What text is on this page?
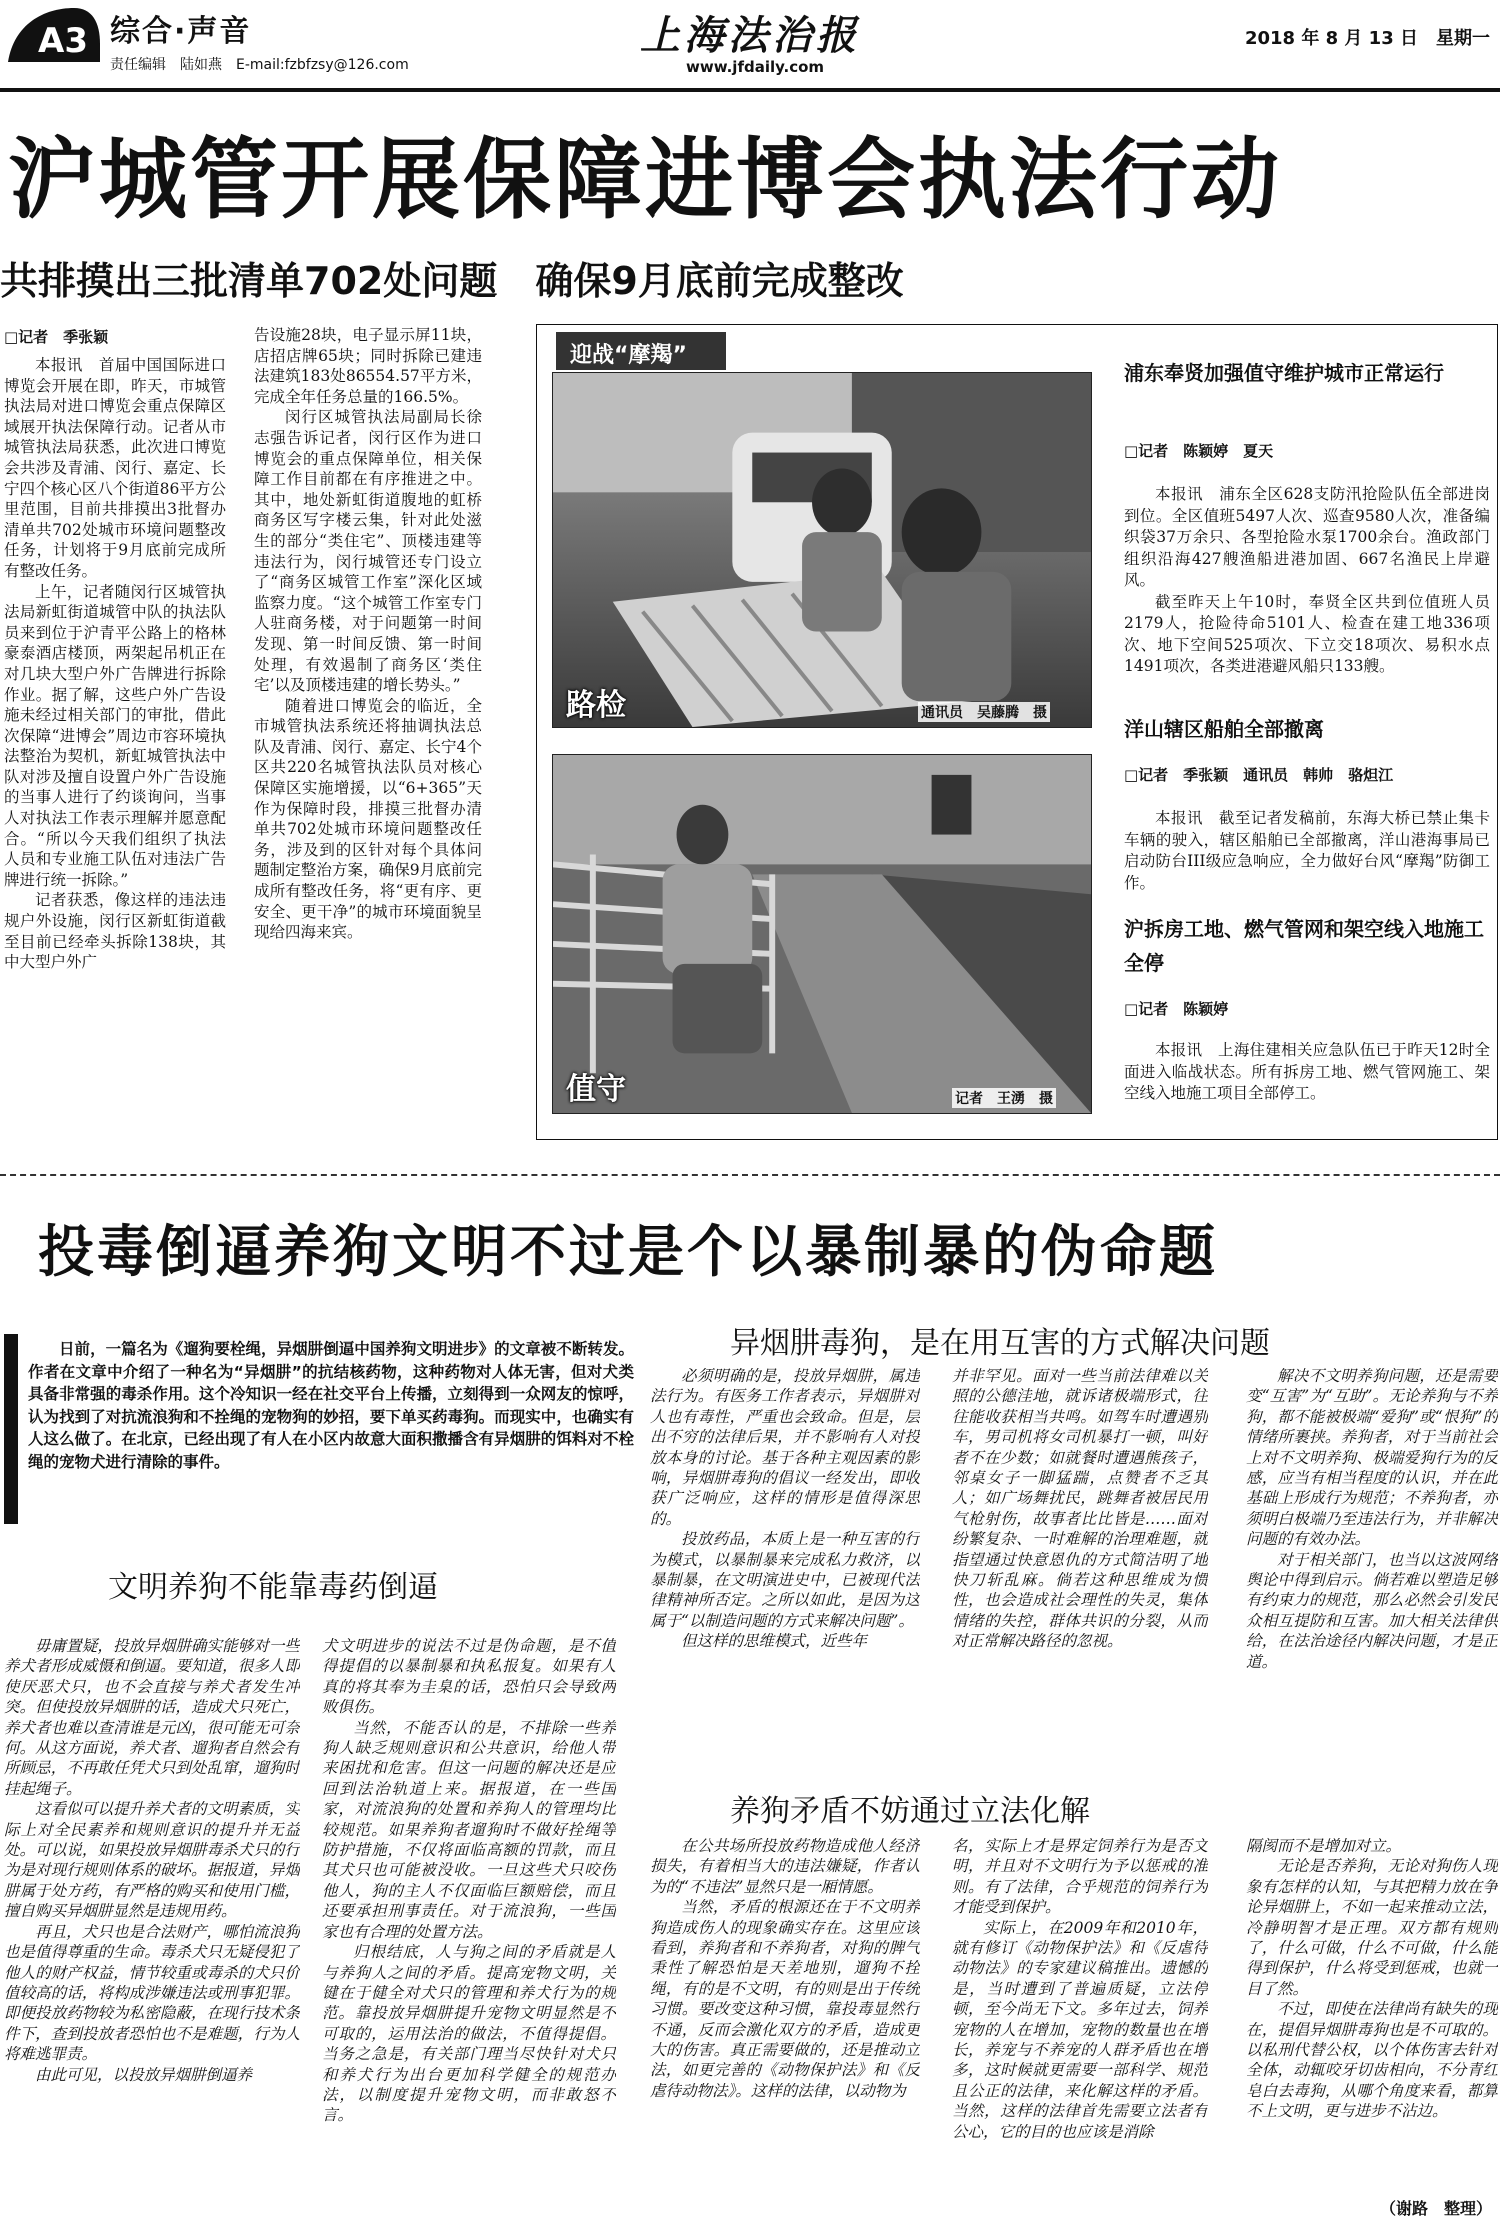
A3 综合·声音
责任编辑　陆如燕　E-mail:fzbfzsy@126.com
上海法治报
www.jfdaily.com
2018 年 8 月 13 日　星期一
沪城管开展保障进博会执法行动
共排摸出三批清单702处问题　确保9月底前完成整改
□记者　季张颖

本报讯　首届中国国际进口博览会开展在即，昨天，市城管执法局对进口博览会重点保障区域展开执法保障行动。记者从市城管执法局获悉，此次进口博览会共涉及青浦、闵行、嘉定、长宁四个核心区八个街道86平方公里范围，目前共排摸出3批督办清单共702处城市环境问题整改任务，计划将于9月底前完成所有整改任务。

上午，记者随闵行区城管执法局新虹街道城管中队的执法队员来到位于沪青平公路上的格林豪泰酒店楼顶，两架起吊机正在对几块大型户外广告牌进行拆除作业。据了解，这些户外广告设施未经过相关部门的审批，借此次保障“进博会”周边市容环境执法整治为契机，新虹城管执法中队对涉及擅自设置户外广告设施的当事人进行了约谈询问，当事人对执法工作表示理解并愿意配合。“所以今天我们组织了执法人员和专业施工队伍对违法广告牌进行统一拆除。”

记者获悉，像这样的违法违规户外设施，闵行区新虹街道截至目前已经牵头拆除138块，其中大型户外广

告设施28块，电子显示屏11块，店招店牌65块；同时拆除已建违法建筑183处86554.57平方米，完成全年任务总量的166.5%。

闵行区城管执法局副局长徐志强告诉记者，闵行区作为进口博览会的重点保障单位，相关保障工作目前都在有序推进之中。其中，地处新虹街道腹地的虹桥商务区写字楼云集，针对此处滋生的部分“类住宅”、顶楼违建等违法行为，闵行城管还专门设立了“商务区城管工作室”深化区域监察力度。“这个城管工作室专门人驻商务楼，对于问题第一时间发现、第一时间反馈、第一时间处理，有效遏制了商务区‘类住宅’以及顶楼违建的增长势头。”

随着进口博览会的临近，全市城管执法系统还将抽调执法总队及青浦、闵行、嘉定、长宁4个区共220名城管执法队员对核心保障区实施增援，以“6+365”天作为保障时段，排摸三批督办清单共702处城市环境问题整改任务，涉及到的区针对每个具体问题制定整治方案，确保9月底前完成所有整改任务，将“更有序、更安全、更干净”的城市环境面貌呈现给四海来宾。

迎战“摩羯”
路检	通讯员　吴藤腾　摄
值守	记者　王湧　摄
浦东奉贤加强值守维护城市正常运行
□记者　陈颖婷　夏天

本报讯　浦东全区628支防汛抢险队伍全部进岗到位。全区值班5497人次、巡查9580人次，准备编织袋37万余只、各型抢险水泵1700余台。渔政部门组织沿海427艘渔船进港加固、667名渔民上岸避风。

截至昨天上午10时，奉贤全区共到位值班人员2179人，抢险待命5101人、检查在建工地336项次、地下空间525项次、下立交18项次、易积水点1491项次，各类进港避风船只133艘。

洋山辖区船舶全部撤离
□记者　季张颖　通讯员　韩帅　骆炟江

本报讯　截至记者发稿前，东海大桥已禁止集卡车辆的驶入，辖区船舶已全部撤离，洋山港海事局已启动防台III级应急响应，全力做好台风“摩羯”防御工作。

沪拆房工地、燃气管网和架空线入地施工全停
□记者　陈颖婷

本报讯　上海住建相关应急队伍已于昨天12时全面进入临战状态。所有拆房工地、燃气管网施工、架空线入地施工项目全部停工。

投毒倒逼养狗文明不过是个以暴制暴的伪命题

日前，一篇名为《遛狗要栓绳，异烟肼倒逼中国养狗文明进步》的文章被不断转发。作者在文章中介绍了一种名为“异烟肼”的抗结核药物，这种药物对人体无害，但对犬类具备非常强的毒杀作用。这个冷知识一经在社交平台上传播，立刻得到一众网友的惊呼，认为找到了对抗流浪狗和不拴绳的宠物狗的妙招，要下单买药毒狗。而现实中，也确实有人这么做了。在北京，已经出现了有人在小区内故意大面积撒播含有异烟肼的饵料对不栓绳的宠物犬进行清除的事件。

文明养狗不能靠毒药倒逼
异烟肼毒狗，是在用互害的方式解决问题
养狗矛盾不妨通过立法化解

毋庸置疑，投放异烟肼确实能够对一些养犬者形成威慑和倒逼。要知道，很多人即使厌恶犬只，也不会直接与养犬者发生冲突。但使投放异烟肼的话，造成犬只死亡，养犬者也难以查清谁是元凶，很可能无可奈何。从这方面说，养犬者、遛狗者自然会有所顾忌，不再敢任凭犬只到处乱窜，遛狗时挂起绳子。

这看似可以提升养犬者的文明素质，实际上对全民素养和规则意识的提升并无益处。可以说，如果投放异烟肼毒杀犬只的行为是对现行规则体系的破坏。据报道，异烟肼属于处方药，有严格的购买和使用门槛，擅自购买异烟肼显然是违规用药。

再且，犬只也是合法财产，哪怕流浪狗也是值得尊重的生命。毒杀犬只无疑侵犯了他人的财产权益，情节较重或毒杀的犬只价值较高的话，将构成涉嫌违法或刑事犯罪。即便投放药物较为私密隐蔽，在现行技术条件下，查到投放者恐怕也不是难题，行为人将难逃罪责。

由此可见，以投放异烟肼倒逼养

犬文明进步的说法不过是伪命题，是不值得提倡的以暴制暴和执私报复。如果有人真的将其奉为圭臬的话，恐怕只会导致两败俱伤。

当然，不能否认的是，不排除一些养狗人缺乏规则意识和公共意识，给他人带来困扰和危害。但这一问题的解决还是应回到法治轨道上来。据报道，在一些国家，对流浪狗的处置和养狗人的管理均比较规范。如果养狗者遛狗时不做好拴绳等防护措施，不仅将面临高额的罚款，而且其犬只也可能被没收。一旦这些犬只咬伤他人，狗的主人不仅面临巨额赔偿，而且还要承担刑事责任。对于流浪狗，一些国家也有合理的处置方法。

归根结底，人与狗之间的矛盾就是人与养狗人之间的矛盾。提高宠物文明，关键在于健全对犬只的管理和养犬行为的规范。靠投放异烟肼提升宠物文明显然是不可取的，运用法治的做法，不值得提倡。当务之急是，有关部门理当尽快针对犬只和养犬行为出台更加科学健全的规范办法，以制度提升宠物文明，而非敢怒不言。

必须明确的是，投放异烟肼，属违法行为。有医务工作者表示，异烟肼对人也有毒性，严重也会致命。但是，层出不穷的法律后果，并不影响有人对投放本身的讨论。基于各种主观因素的影响，异烟肼毒狗的倡议一经发出，即收获广泛响应，这样的情形是值得深思的。

投放药品，本质上是一种互害的行为模式，以暴制暴来完成私力救济，以暴制暴，在文明演进史中，已被现代法律精神所否定。之所以如此，是因为这属于“以制造问题的方式来解决问题”。

但这样的思维模式，近些年

并非罕见。面对一些当前法律难以关照的公德洼地，就诉诸极端形式，往往能收获相当共鸣。如驾车时遭遇别车，男司机将女司机暴打一顿，叫好者不在少数；如就餐时遭遇熊孩子，邻桌女子一脚猛踹，点赞者不乏其人；如广场舞扰民，跳舞者被居民用气枪射伤，故事者比比皆是……面对纷繁复杂、一时难解的治理难题，就指望通过快意恩仇的方式简洁明了地快刀斩乱麻。倘若这种思维成为惯性，也会造成社会理性的失灵，集体情绪的失控，群体共识的分裂，从而对正常解决路径的忽视。

解决不文明养狗问题，还是需要变“互害”为“互助”。无论养狗与不养狗，都不能被极端“爱狗”或“恨狗”的情绪所裹挟。养狗者，对于当前社会上对不文明养狗、极端爱狗行为的反感，应当有相当程度的认识，并在此基础上形成行为规范；不养狗者，亦须明白极端乃至违法行为，并非解决问题的有效办法。

对于相关部门，也当以这波网络舆论中得到启示。倘若难以塑造足够有约束力的规范，那么必然会引发民众相互提防和互害。加大相关法律供给，在法治途径内解决问题，才是正道。

在公共场所投放药物造成他人经济损失，有着相当大的违法嫌疑，作者认为的“不违法”显然只是一厢情愿。

当然，矛盾的根源还在于不文明养狗造成伤人的现象确实存在。这里应该看到，养狗者和不养狗者，对狗的脾气秉性了解恐怕是天差地别，遛狗不拴绳，有的是不文明，有的则是出于传统习惯。要改变这种习惯，靠投毒显然行不通，反而会激化双方的矛盾，造成更大的伤害。真正需要做的，还是推动立法，如更完善的《动物保护法》和《反虐待动物法》。这样的法律，以动物为

名，实际上才是界定饲养行为是否文明，并且对不文明行为予以惩戒的准则。有了法律，合乎规范的饲养行为才能受到保护。

实际上，在2009年和2010年，就有修订《动物保护法》和《反虐待动物法》的专家建议稿推出。遗憾的是，当时遭到了普遍质疑，立法停顿，至今尚无下文。多年过去，饲养宠物的人在增加，宠物的数量也在增长，养宠与不养宠的人群矛盾也在增多，这时候就更需要一部科学、规范且公正的法律，来化解这样的矛盾。当然，这样的法律首先需要立法者有公心，它的目的也应该是消除

隔阂而不是增加对立。

无论是否养狗，无论对狗伤人现象有怎样的认知，与其把精力放在争论异烟肼上，不如一起来推动立法，冷静明智才是正理。双方都有规则了，什么可做，什么不可做，什么能得到保护，什么将受到惩戒，也就一目了然。

不过，即使在法律尚有缺失的现在，提倡异烟肼毒狗也是不可取的。以私刑代替公权，以个体伤害去针对全体，动辄咬牙切齿相向，不分青红皂白去毒狗，从哪个角度来看，都算不上文明，更与进步不沾边。

（谢路　整理）
